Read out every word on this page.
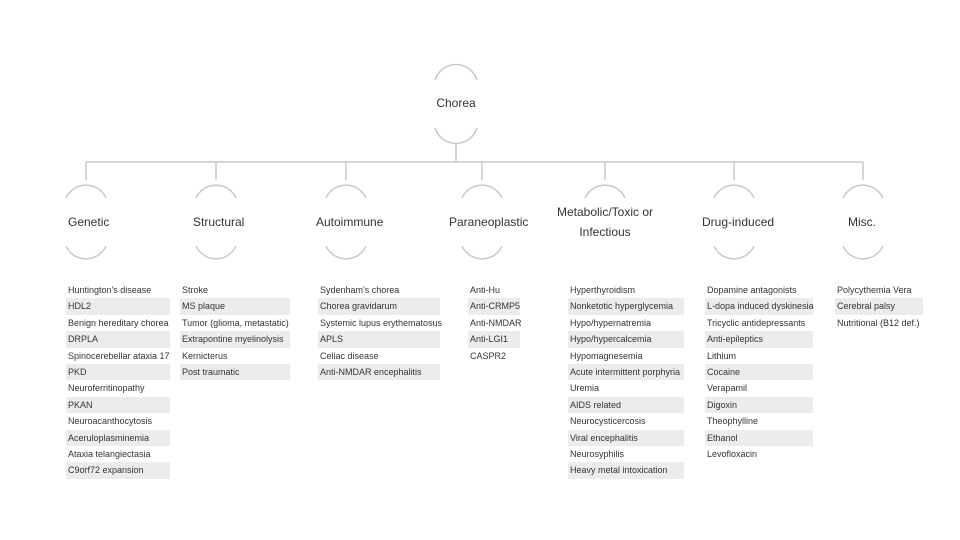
Chorea
Genetic	Structural	Autoimmune	Paraneoplastic
Metabolic/Toxic or
Infectious
Drug-induced	Misc.
Huntington's disease
HDL2
Benign hereditary chorea
DRPLA
Spinocerebellar ataxia 17
PKD
Neuroferritinopathy
PKAN
Neuroacanthocytosis
Aceruloplasminemia
Ataxia telangiectasia
C9orf72 expansion
Stroke
MS plaque
Tumor (glioma, metastatic)
Extrapontine myelinolysis
Kernicterus
Post traumatic
Sydenham's chorea
Chorea gravidarum
Systemic lupus erythematosus
APLS
Celiac disease
Anti-NMDAR encephalitis
Anti-Hu
Anti-CRMP5
Anti-NMDAR
Anti-LGI1
CASPR2
Hyperthyroidism
Nonketotic hyperglycemia
Hypo/hypernatremia
Hypo/hypercalcemia
Hypomagnesemia
Acute intermittent porphyria
Uremia
AIDS related
Neurocysticercosis
Viral encephalitis
Neurosyphilis
Heavy metal intoxication
Dopamine antagonists
L-dopa induced dyskinesia
Tricyclic antidepressants
Anti-epileptics
Lithium
Cocaine
Verapamil
Digoxin
Theophylline
Ethanol
Levofloxacin
Polycythemia Vera
Cerebral palsy
Nutritional (B12 def.)
